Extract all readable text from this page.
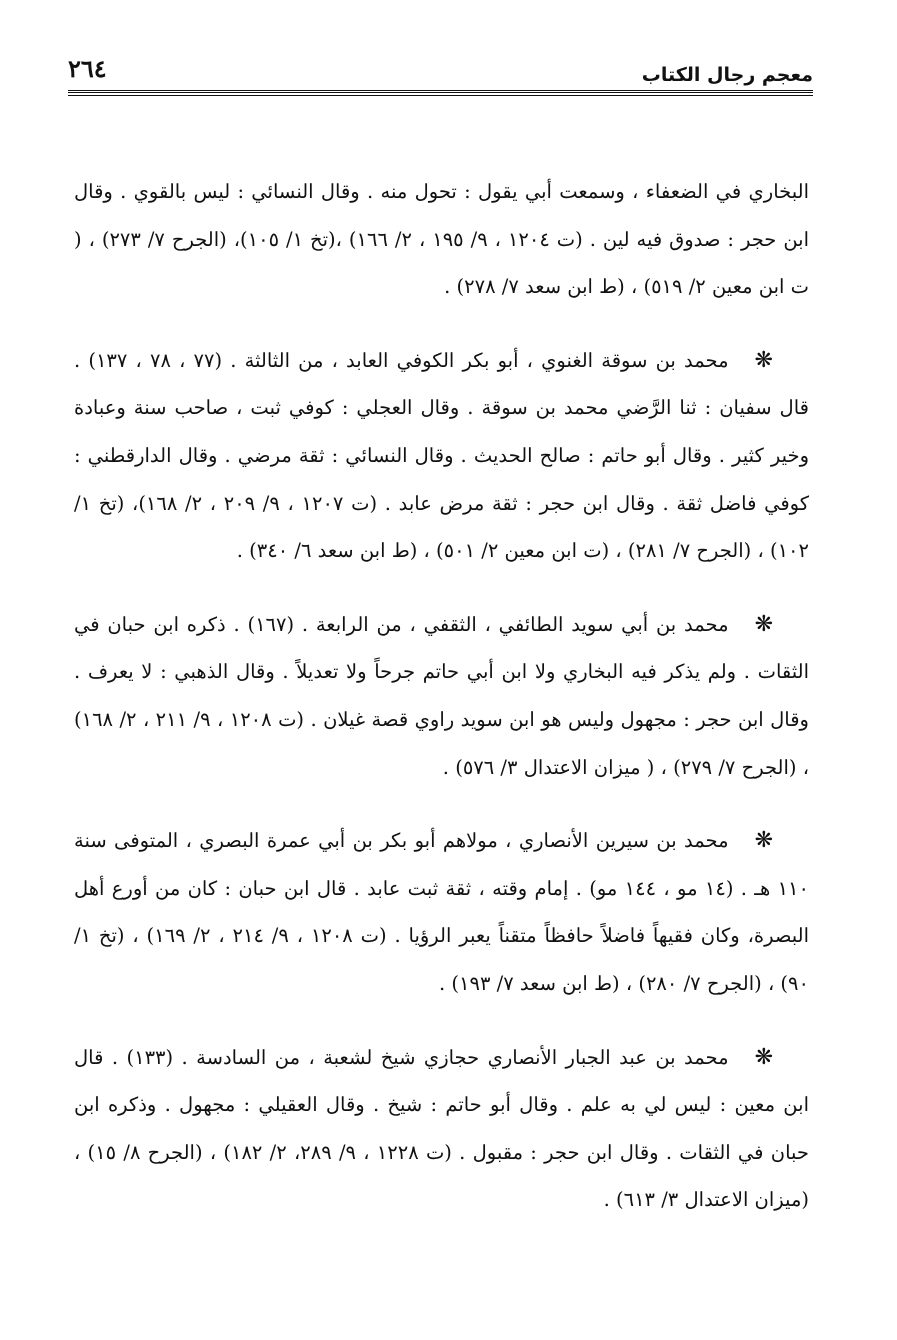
معجم رجال الكتاب
٢٦٤

البخاري في الضعفاء ، وسمعت أبي يقول : تحول منه . وقال النسائي : ليس بالقوي . وقال ابن حجر : صدوق فيه لين . (ت ١٢٠٤ ، ٩/ ١٩٥ ، ٢/ ١٦٦) ،(تخ ١/ ١٠٥)، (الجرح ٧/ ٢٧٣) ، ( ت ابن معين ٢/ ٥١٩) ، (ط ابن سعد ٧/ ٢٧٨) .

❋محمد بن سوقة الغنوي ، أبو بكر الكوفي العابد ، من الثالثة . (٧٧ ، ٧٨ ، ١٣٧) . قال سفيان : ثنا الرَّضي محمد بن سوقة . وقال العجلي : كوفي ثبت ، صاحب سنة وعبادة وخير كثير . وقال أبو حاتم : صالح الحديث . وقال النسائي : ثقة مرضي . وقال الدارقطني : كوفي فاضل ثقة . وقال ابن حجر : ثقة مرض عابد . (ت ١٢٠٧ ، ٩/ ٢٠٩ ، ٢/ ١٦٨)، (تخ ١/ ١٠٢) ، (الجرح ٧/ ٢٨١) ، (ت ابن معين ٢/ ٥٠١) ، (ط ابن سعد ٦/ ٣٤٠) .

❋محمد بن أبي سويد الطائفي ، الثقفي ، من الرابعة . (١٦٧) . ذكره ابن حبان في الثقات . ولم يذكر فيه البخاري ولا ابن أبي حاتم جرحاً ولا تعديلاً . وقال الذهبي : لا يعرف . وقال ابن حجر : مجهول وليس هو ابن سويد راوي قصة غيلان . (ت ١٢٠٨ ، ٩/ ٢١١ ، ٢/ ١٦٨) ، (الجرح ٧/ ٢٧٩) ، ( ميزان الاعتدال ٣/ ٥٧٦) .

❋محمد بن سيرين الأنصاري ، مولاهم أبو بكر بن أبي عمرة البصري ، المتوفى سنة ١١٠ هـ . (١٤ مو ، ١٤٤ مو) . إمام وقته ، ثقة ثبت عابد . قال ابن حبان : كان من أورع أهل البصرة، وكان فقيهاً فاضلاً حافظاً متقناً يعبر الرؤيا . (ت ١٢٠٨ ، ٩/ ٢١٤ ، ٢/ ١٦٩) ، (تخ ١/ ٩٠) ، (الجرح ٧/ ٢٨٠) ، (ط ابن سعد ٧/ ١٩٣) .

❋محمد بن عبد الجبار الأنصاري حجازي شيخ لشعبة ، من السادسة . (١٣٣) . قال ابن معين : ليس لي به علم . وقال أبو حاتم : شيخ . وقال العقيلي : مجهول . وذكره ابن حبان في الثقات . وقال ابن حجر : مقبول . (ت ١٢٢٨ ، ٩/ ٢٨٩، ٢/ ١٨٢) ، (الجرح ٨/ ١٥) ، (ميزان الاعتدال ٣/ ٦١٣) .
